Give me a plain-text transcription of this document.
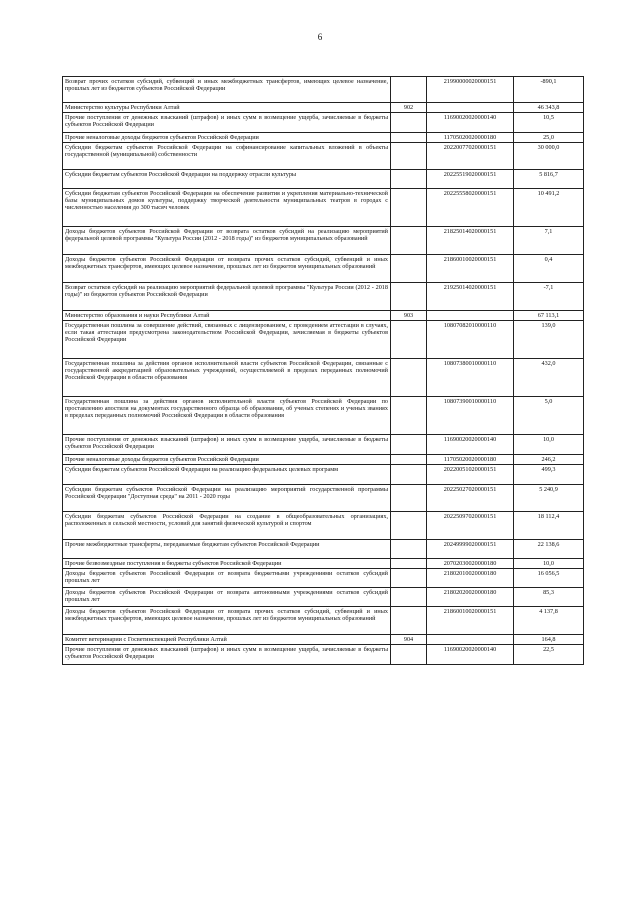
6
Возврат прочих остатков субсидий, субвенций и иных межбюджетных трансфертов, имеющих целевое назначение, прошлых лет из бюджетов субъектов Российской Федерации		21990000020000151	-890,1
Министерство культуры Республики Алтай	902		46 343,8
Прочие поступления от денежных взысканий (штрафов) и иных сумм в возмещение ущерба, зачисляемые в бюджеты субъектов Российской Федерации		11690020020000140	10,5
Прочие неналоговые доходы бюджетов субъектов Российской Федерации		11705020020000180	25,0
Субсидии бюджетам субъектов Российской Федерации на софинансирование капитальных вложений в объекты государственной (муниципальной) собственности		20220077020000151	30 000,0
Субсидии бюджетам субъектов Российской Федерации на поддержку отрасли культуры		20225519020000151	5 816,7
Субсидии бюджетам субъектов Российской Федерации на обеспечение развития и укрепления материально-технической базы муниципальных домов культуры, поддержку творческой деятельности муниципальных театров в городах с численностью населения до 300 тысяч человек		20225558020000151	10 491,2
Доходы бюджетов субъектов Российской Федерации от возврата остатков субсидий на реализацию мероприятий федеральной целевой программы "Культура России (2012 - 2018 годы)" из бюджетов муниципальных образований		21825014020000151	7,1
Доходы бюджетов субъектов Российской Федерации от возврата прочих остатков субсидий, субвенций и иных межбюджетных трансфертов, имеющих целевое назначение, прошлых лет из бюджетов муниципальных образований		21860010020000151	0,4
Возврат остатков субсидий на реализацию мероприятий федеральной целевой программы "Культура России (2012 - 2018 годы)" из бюджетов субъектов Российской Федерации		21925014020000151	-7,1
Министерство образования и науки Республики Алтай	903		67 113,1
Государственная пошлина за совершение действий, связанных с лицензированием, с проведением аттестации в случаях, если такая аттестация предусмотрена законодательством Российской Федерации, зачисляемая в бюджеты субъектов Российской Федерации		10807082010000110	139,0
Государственная пошлина за действия органов исполнительной власти субъектов Российской Федерации, связанные с государственной аккредитацией образовательных учреждений, осуществляемой в пределах переданных полномочий Российской Федерации в области образования		10807380010000110	432,0
Государственная пошлина за действия органов исполнительной власти субъектов Российской Федерации по проставлению апостиля на документах государственного образца об образовании, об ученых степенях и ученых званиях в пределах переданных полномочий Российской Федерации в области образования		10807390010000110	5,0
Прочие поступления от денежных взысканий (штрафов) и иных сумм в возмещение ущерба, зачисляемые в бюджеты субъектов Российской Федерации		11690020020000140	10,0
Прочие неналоговые доходы бюджетов субъектов Российской Федерации		11705020020000180	246,2
Субсидии бюджетам субъектов Российской Федерации на реализацию федеральных целевых программ		20220051020000151	499,3
Субсидии бюджетам субъектов Российской Федерации на реализацию мероприятий государственной программы Российской Федерации "Доступная среда" на 2011 - 2020 годы		20225027020000151	5 240,9
Субсидии бюджетам субъектов Российской Федерации на создание в общеобразовательных организациях, расположенных в сельской местности, условий для занятий физической культурой и спортом		20225097020000151	18 112,4
Прочие межбюджетные трансферты, передаваемые бюджетам субъектов Российской Федерации		20249999020000151	22 138,6
Прочие безвозмездные поступления в бюджеты субъектов Российской Федерации		20702030020000180	10,0
Доходы бюджетов субъектов Российской Федерации от возврата бюджетными учреждениями остатков субсидий прошлых лет		21802010020000180	16 056,5
Доходы бюджетов субъектов Российской Федерации от возврата автономными учреждениями остатков субсидий прошлых лет		21802020020000180	85,3
Доходы бюджетов субъектов Российской Федерации от возврата прочих остатков субсидий, субвенций и иных межбюджетных трансфертов, имеющих целевое назначение, прошлых лет из бюджетов муниципальных образований		21860010020000151	4 137,8
Комитет ветеринарии с Госветинспекцией Республики Алтай	904		164,8
Прочие поступления от денежных взысканий (штрафов) и иных сумм в возмещение ущерба, зачисляемые в бюджеты субъектов Российской Федерации		11690020020000140	22,5
